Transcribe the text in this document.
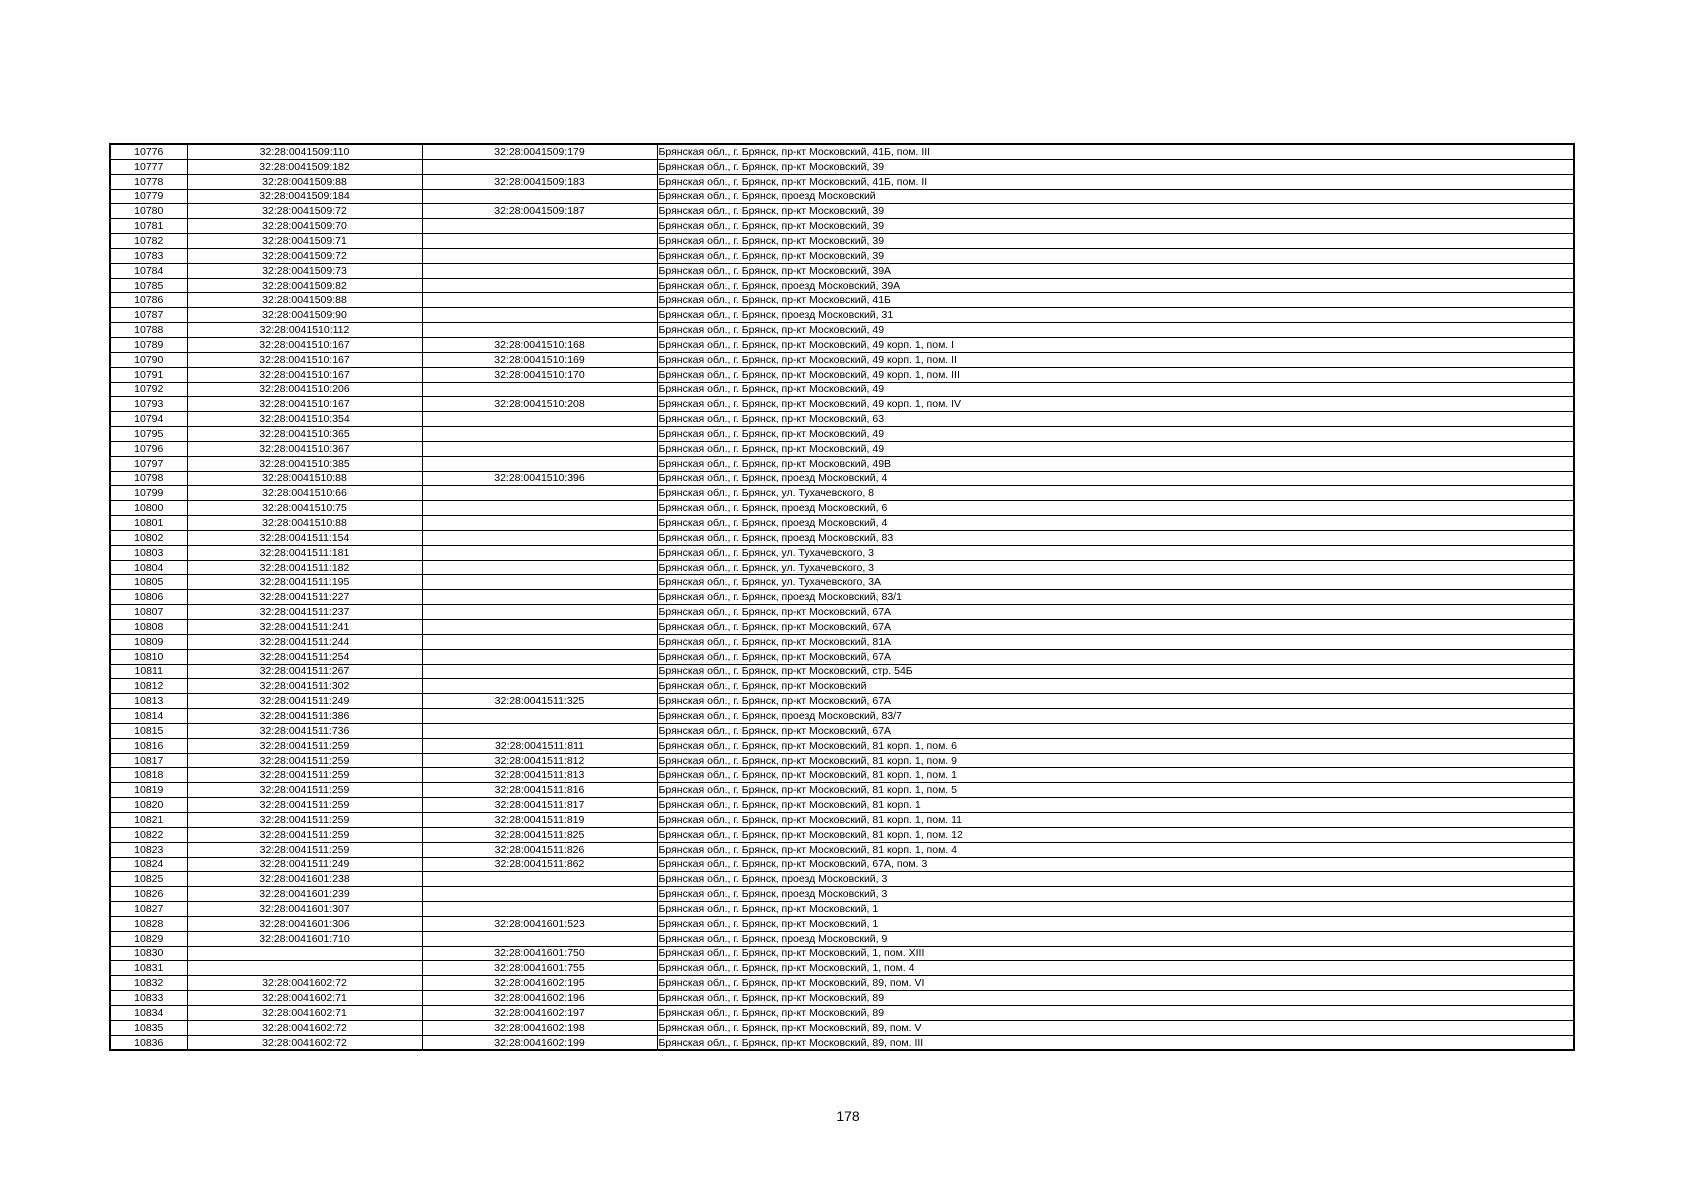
10776	32:28:0041509:110	32:28:0041509:179	Брянская обл., г. Брянск, пр-кт Московский, 41Б, пом. III
10777	32:28:0041509:182		Брянская обл., г. Брянск, пр-кт Московский, 39
10778	32:28:0041509:88	32:28:0041509:183	Брянская обл., г. Брянск, пр-кт Московский, 41Б, пом. II
10779	32:28:0041509:184		Брянская обл., г. Брянск, проезд Московский
10780	32:28:0041509:72	32:28:0041509:187	Брянская обл., г. Брянск, пр-кт Московский, 39
10781	32:28:0041509:70		Брянская обл., г. Брянск, пр-кт Московский, 39
10782	32:28:0041509:71		Брянская обл., г. Брянск, пр-кт Московский, 39
10783	32:28:0041509:72		Брянская обл., г. Брянск, пр-кт Московский, 39
10784	32:28:0041509:73		Брянская обл., г. Брянск, пр-кт Московский, 39А
10785	32:28:0041509:82		Брянская обл., г. Брянск, проезд Московский, 39А
10786	32:28:0041509:88		Брянская обл., г. Брянск, пр-кт Московский, 41Б
10787	32:28:0041509:90		Брянская обл., г. Брянск, проезд Московский, 31
10788	32:28:0041510:112		Брянская обл., г. Брянск, пр-кт Московский, 49
10789	32:28:0041510:167	32:28:0041510:168	Брянская обл., г. Брянск, пр-кт Московский, 49 корп. 1, пом. I
10790	32:28:0041510:167	32:28:0041510:169	Брянская обл., г. Брянск, пр-кт Московский, 49 корп. 1, пом. II
10791	32:28:0041510:167	32:28:0041510:170	Брянская обл., г. Брянск, пр-кт Московский, 49 корп. 1, пом. III
10792	32:28:0041510:206		Брянская обл., г. Брянск, пр-кт Московский, 49
10793	32:28:0041510:167	32:28:0041510:208	Брянская обл., г. Брянск, пр-кт Московский, 49 корп. 1, пом. IV
10794	32:28:0041510:354		Брянская обл., г. Брянск, пр-кт Московский, 63
10795	32:28:0041510:365		Брянская обл., г. Брянск, пр-кт Московский, 49
10796	32:28:0041510:367		Брянская обл., г. Брянск, пр-кт Московский, 49
10797	32:28:0041510:385		Брянская обл., г. Брянск, пр-кт Московский, 49В
10798	32:28:0041510:88	32:28:0041510:396	Брянская обл., г. Брянск, проезд Московский, 4
10799	32:28:0041510:66		Брянская обл., г. Брянск, ул. Тухачевского, 8
10800	32:28:0041510:75		Брянская обл., г. Брянск, проезд Московский, 6
10801	32:28:0041510:88		Брянская обл., г. Брянск, проезд Московский, 4
10802	32:28:0041511:154		Брянская обл., г. Брянск, проезд Московский, 83
10803	32:28:0041511:181		Брянская обл., г. Брянск, ул. Тухачевского, 3
10804	32:28:0041511:182		Брянская обл., г. Брянск, ул. Тухачевского, 3
10805	32:28:0041511:195		Брянская обл., г. Брянск, ул. Тухачевского, 3А
10806	32:28:0041511:227		Брянская обл., г. Брянск, проезд Московский, 83/1
10807	32:28:0041511:237		Брянская обл., г. Брянск, пр-кт Московский, 67А
10808	32:28:0041511:241		Брянская обл., г. Брянск, пр-кт Московский, 67А
10809	32:28:0041511:244		Брянская обл., г. Брянск, пр-кт Московский, 81А
10810	32:28:0041511:254		Брянская обл., г. Брянск, пр-кт Московский, 67А
10811	32:28:0041511:267		Брянская обл., г. Брянск, пр-кт Московский, стр. 54Б
10812	32:28:0041511:302		Брянская обл., г. Брянск, пр-кт Московский
10813	32:28:0041511:249	32:28:0041511:325	Брянская обл., г. Брянск, пр-кт Московский, 67А
10814	32:28:0041511:386		Брянская обл., г. Брянск, проезд Московский, 83/7
10815	32:28:0041511:736		Брянская обл., г. Брянск, пр-кт Московский, 67А
10816	32:28:0041511:259	32:28:0041511:811	Брянская обл., г. Брянск, пр-кт Московский, 81 корп. 1, пом. 6
10817	32:28:0041511:259	32:28:0041511:812	Брянская обл., г. Брянск, пр-кт Московский, 81 корп. 1, пом. 9
10818	32:28:0041511:259	32:28:0041511:813	Брянская обл., г. Брянск, пр-кт Московский, 81 корп. 1, пом. 1
10819	32:28:0041511:259	32:28:0041511:816	Брянская обл., г. Брянск, пр-кт Московский, 81 корп. 1, пом. 5
10820	32:28:0041511:259	32:28:0041511:817	Брянская обл., г. Брянск, пр-кт Московский, 81 корп. 1
10821	32:28:0041511:259	32:28:0041511:819	Брянская обл., г. Брянск, пр-кт Московский, 81 корп. 1, пом. 11
10822	32:28:0041511:259	32:28:0041511:825	Брянская обл., г. Брянск, пр-кт Московский, 81 корп. 1, пом. 12
10823	32:28:0041511:259	32:28:0041511:826	Брянская обл., г. Брянск, пр-кт Московский, 81 корп. 1, пом. 4
10824	32:28:0041511:249	32:28:0041511:862	Брянская обл., г. Брянск, пр-кт Московский, 67А, пом. 3
10825	32:28:0041601:238		Брянская обл., г. Брянск, проезд Московский, 3
10826	32:28:0041601:239		Брянская обл., г. Брянск, проезд Московский, 3
10827	32:28:0041601:307		Брянская обл., г. Брянск, пр-кт Московский, 1
10828	32:28:0041601:306	32:28:0041601:523	Брянская обл., г. Брянск, пр-кт Московский, 1
10829	32:28:0041601:710		Брянская обл., г. Брянск, проезд Московский, 9
10830		32:28:0041601:750	Брянская обл., г. Брянск, пр-кт Московский, 1, пом. XIII
10831		32:28:0041601:755	Брянская обл., г. Брянск, пр-кт Московский, 1, пом. 4
10832	32:28:0041602:72	32:28:0041602:195	Брянская обл., г. Брянск, пр-кт Московский, 89, пом. VI
10833	32:28:0041602:71	32:28:0041602:196	Брянская обл., г. Брянск, пр-кт Московский, 89
10834	32:28:0041602:71	32:28:0041602:197	Брянская обл., г. Брянск, пр-кт Московский, 89
10835	32:28:0041602:72	32:28:0041602:198	Брянская обл., г. Брянск, пр-кт Московский, 89, пом. V
10836	32:28:0041602:72	32:28:0041602:199	Брянская обл., г. Брянск, пр-кт Московский, 89, пом. III
178
